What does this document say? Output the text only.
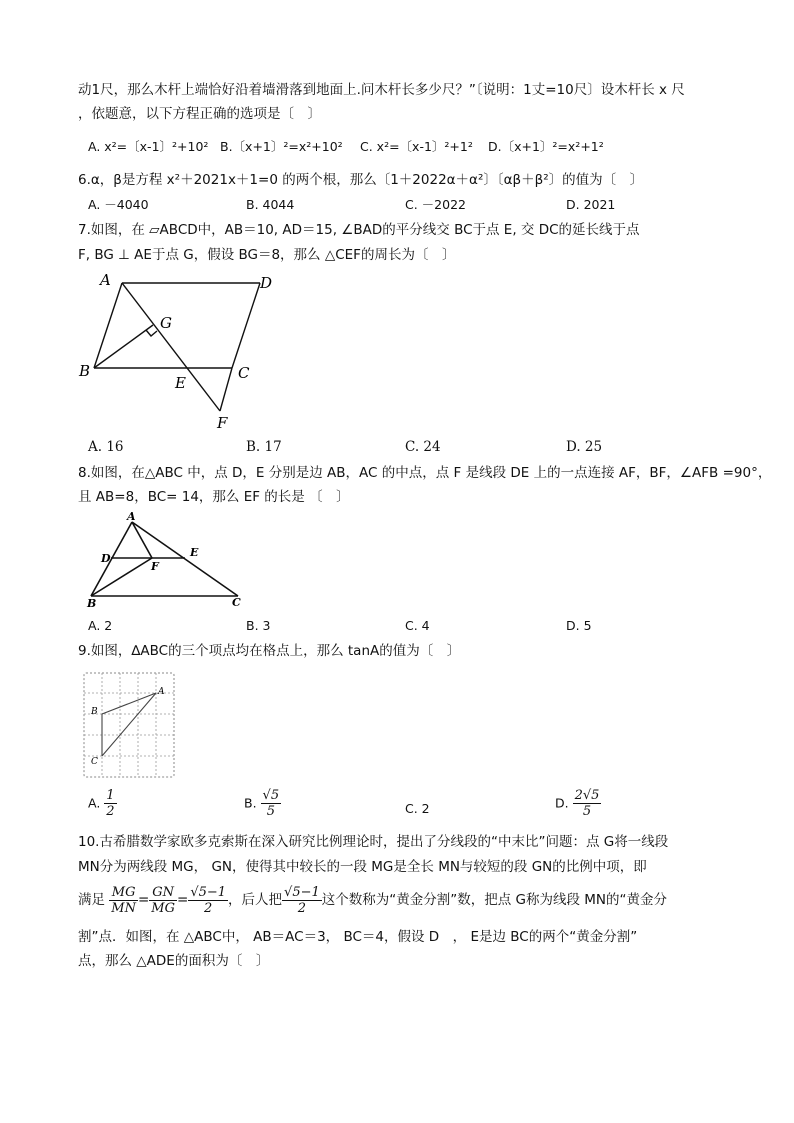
动1尺，那么木杆上端恰好沿着墙滑落到地面上.问木杆长多少尺？”〔说明：1丈=10尺〕设木杆长 x 尺
，依题意，以下方程正确的选项是〔　〕
A. x²=〔x-1〕²+10² B.〔x+1〕²=x²+10² C. x²=〔x-1〕²+1² D.〔x+1〕²=x²+1²
6.α，β是方程 x²＋2021x＋1=0 的两个根，那么〔1＋2022α＋α²〕〔αβ＋β²〕的值为〔　〕
A. －4040	B. 4044	C. －2022	D. 2021
7.如图，在 ▱ABCD中，AB＝10, AD＝15, ∠BAD的平分线交 BC于点 E, 交 DC的延长线于点
F, BG ⊥ AE于点 G，假设 BG＝8，那么 △CEF的周长为〔　〕
A	D
G
B
E
C
F
A. 16	B. 17	C. 24	D. 25
8.如图，在△ABC 中，点 D，E 分别是边 AB，AC 的中点，点 F 是线段 DE 上的一点连接 AF，BF，∠AFB =90°，
且 AB=8，BC= 14，那么 EF 的长是 〔　〕
A
D	E
F
B	C
A. 2	B. 3	C. 4	D. 5
9.如图，∆ABC的三个项点均在格点上，那么 tanA的值为〔　〕
A
B
C
A. $\frac{1}{2}$	B. $\frac{√5}{5}$	C. 2	D. $\frac{2√5}{5}$
10.古希腊数学家欧多克索斯在深入研究比例理论时，提出了分线段的“中末比”问题：点 G将一线段
MN分为两线段 MG， GN，使得其中较长的一段 MG是全长 MN与较短的段 GN的比例中项，即
满足 $\frac{MG}{MN} = \frac{GN}{MG} = \frac{√5-1}{2}$ ，后人把 $\frac{√5-1}{2}$ 这个数称为“黄金分割”数，把点 G称为线段 MN的“黄金分
割”点．如图，在 △ABC中， AB＝AC＝3， BC＝4，假设 D　， E是边 BC的两个“黄金分割”
点，那么 △ADE的面积为〔　〕
